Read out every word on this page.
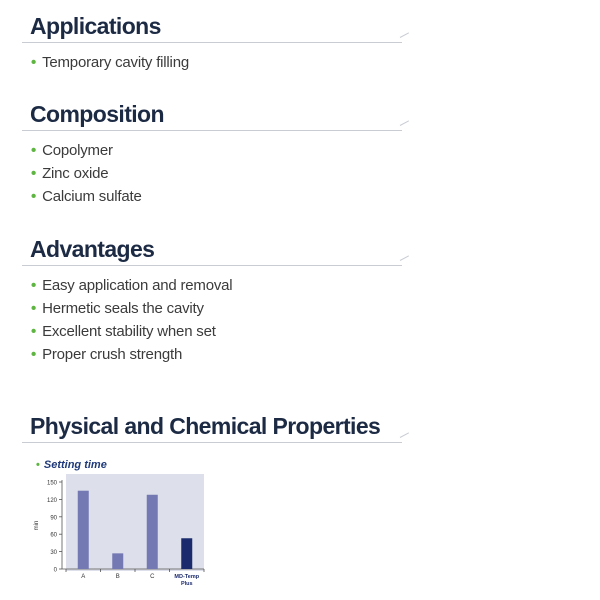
Applications
• Temporary cavity filling
Composition
• Copolymer
• Zinc oxide
• Calcium sulfate
Advantages
• Easy application and removal
• Hermetic seals the cavity
• Excellent stability when set
• Proper crush strength
Physical and Chemical Properties
• Setting time
0
30
60
90
120
150
min
A	B	C	MD-Temp
Plus
